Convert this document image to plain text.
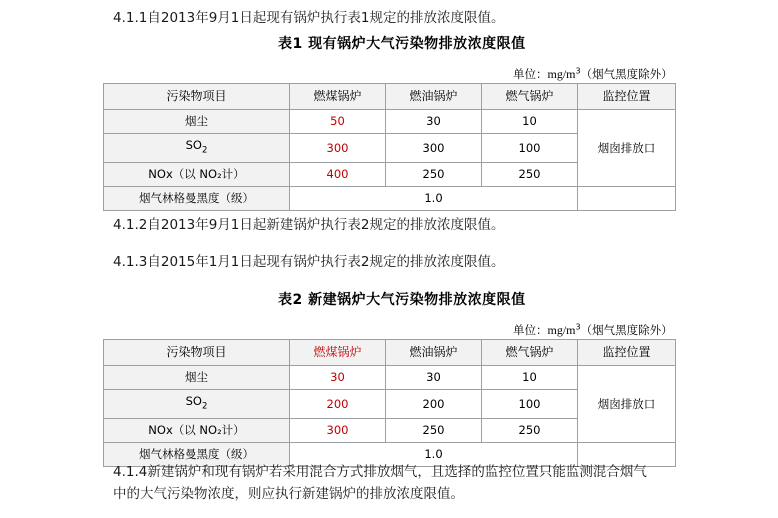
4.1.1自2013年9月1日起现有锅炉执行表1规定的排放浓度限值。

表1 现有锅炉大气污染物排放浓度限值
单位：$mg/m^3$（烟气黑度除外）
污染物项目	燃煤锅炉	燃油锅炉	燃气锅炉	监控位置
烟尘	50	30	10	烟囱排放口
$SO_2$	300	300	100	
NOx（以 NO₂计）	400	250	250	
烟气林格曼黑度（级）	1.0			

4.1.2自2013年9月1日起新建锅炉执行表2规定的排放浓度限值。

4.1.3自2015年1月1日起现有锅炉执行表2规定的排放浓度限值。

表2 新建锅炉大气污染物排放浓度限值
单位：$mg/m^3$（烟气黑度除外）
污染物项目	燃煤锅炉	燃油锅炉	燃气锅炉	监控位置
烟尘	30	30	10	烟囱排放口
$SO_2$	200	200	100	
NOx（以 NO₂计）	300	250	250	
烟气林格曼黑度（级）	1.0			
4.1.4新建锅炉和现有锅炉若采用混合方式排放烟气，且选择的监控位置只能监测混合烟气
中的大气污染物浓度，则应执行新建锅炉的排放浓度限值。
